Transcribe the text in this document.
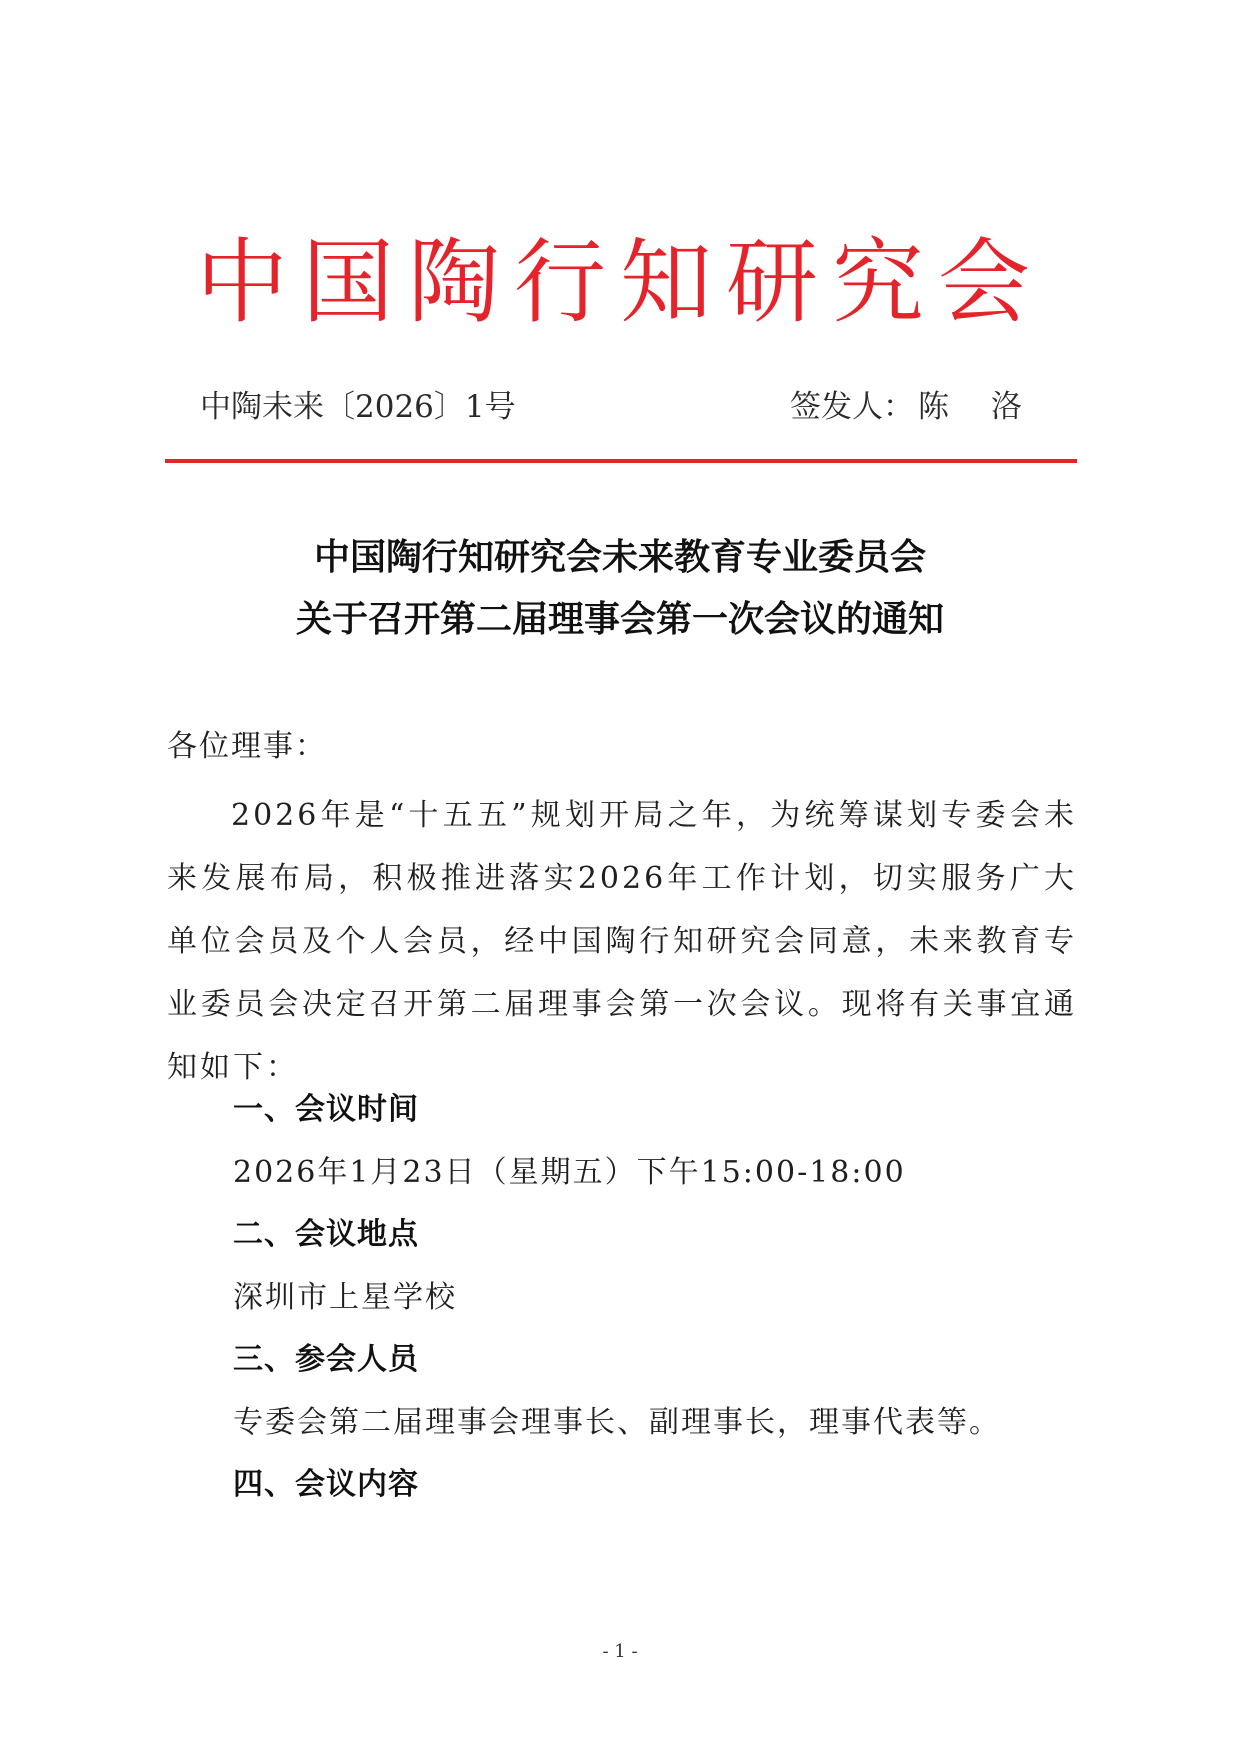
中国陶行知研究会
中陶未来〔2026〕1号	签发人： 陈 洛
中国陶行知研究会未来教育专业委员会
关于召开第二届理事会第一次会议的通知
各位理事：
2026年是“十五五”规划开局之年，为统筹谋划专委会未来发展布局，积极推进落实2026年工作计划，切实服务广大单位会员及个人会员，经中国陶行知研究会同意，未来教育专业委员会决定召开第二届理事会第一次会议。现将有关事宜通知如下：
一、会议时间
2026年1月23日（星期五）下午15:00-18:00
二、会议地点
深圳市上星学校
三、参会人员
专委会第二届理事会理事长、副理事长，理事代表等。
四、会议内容
- 1 -
